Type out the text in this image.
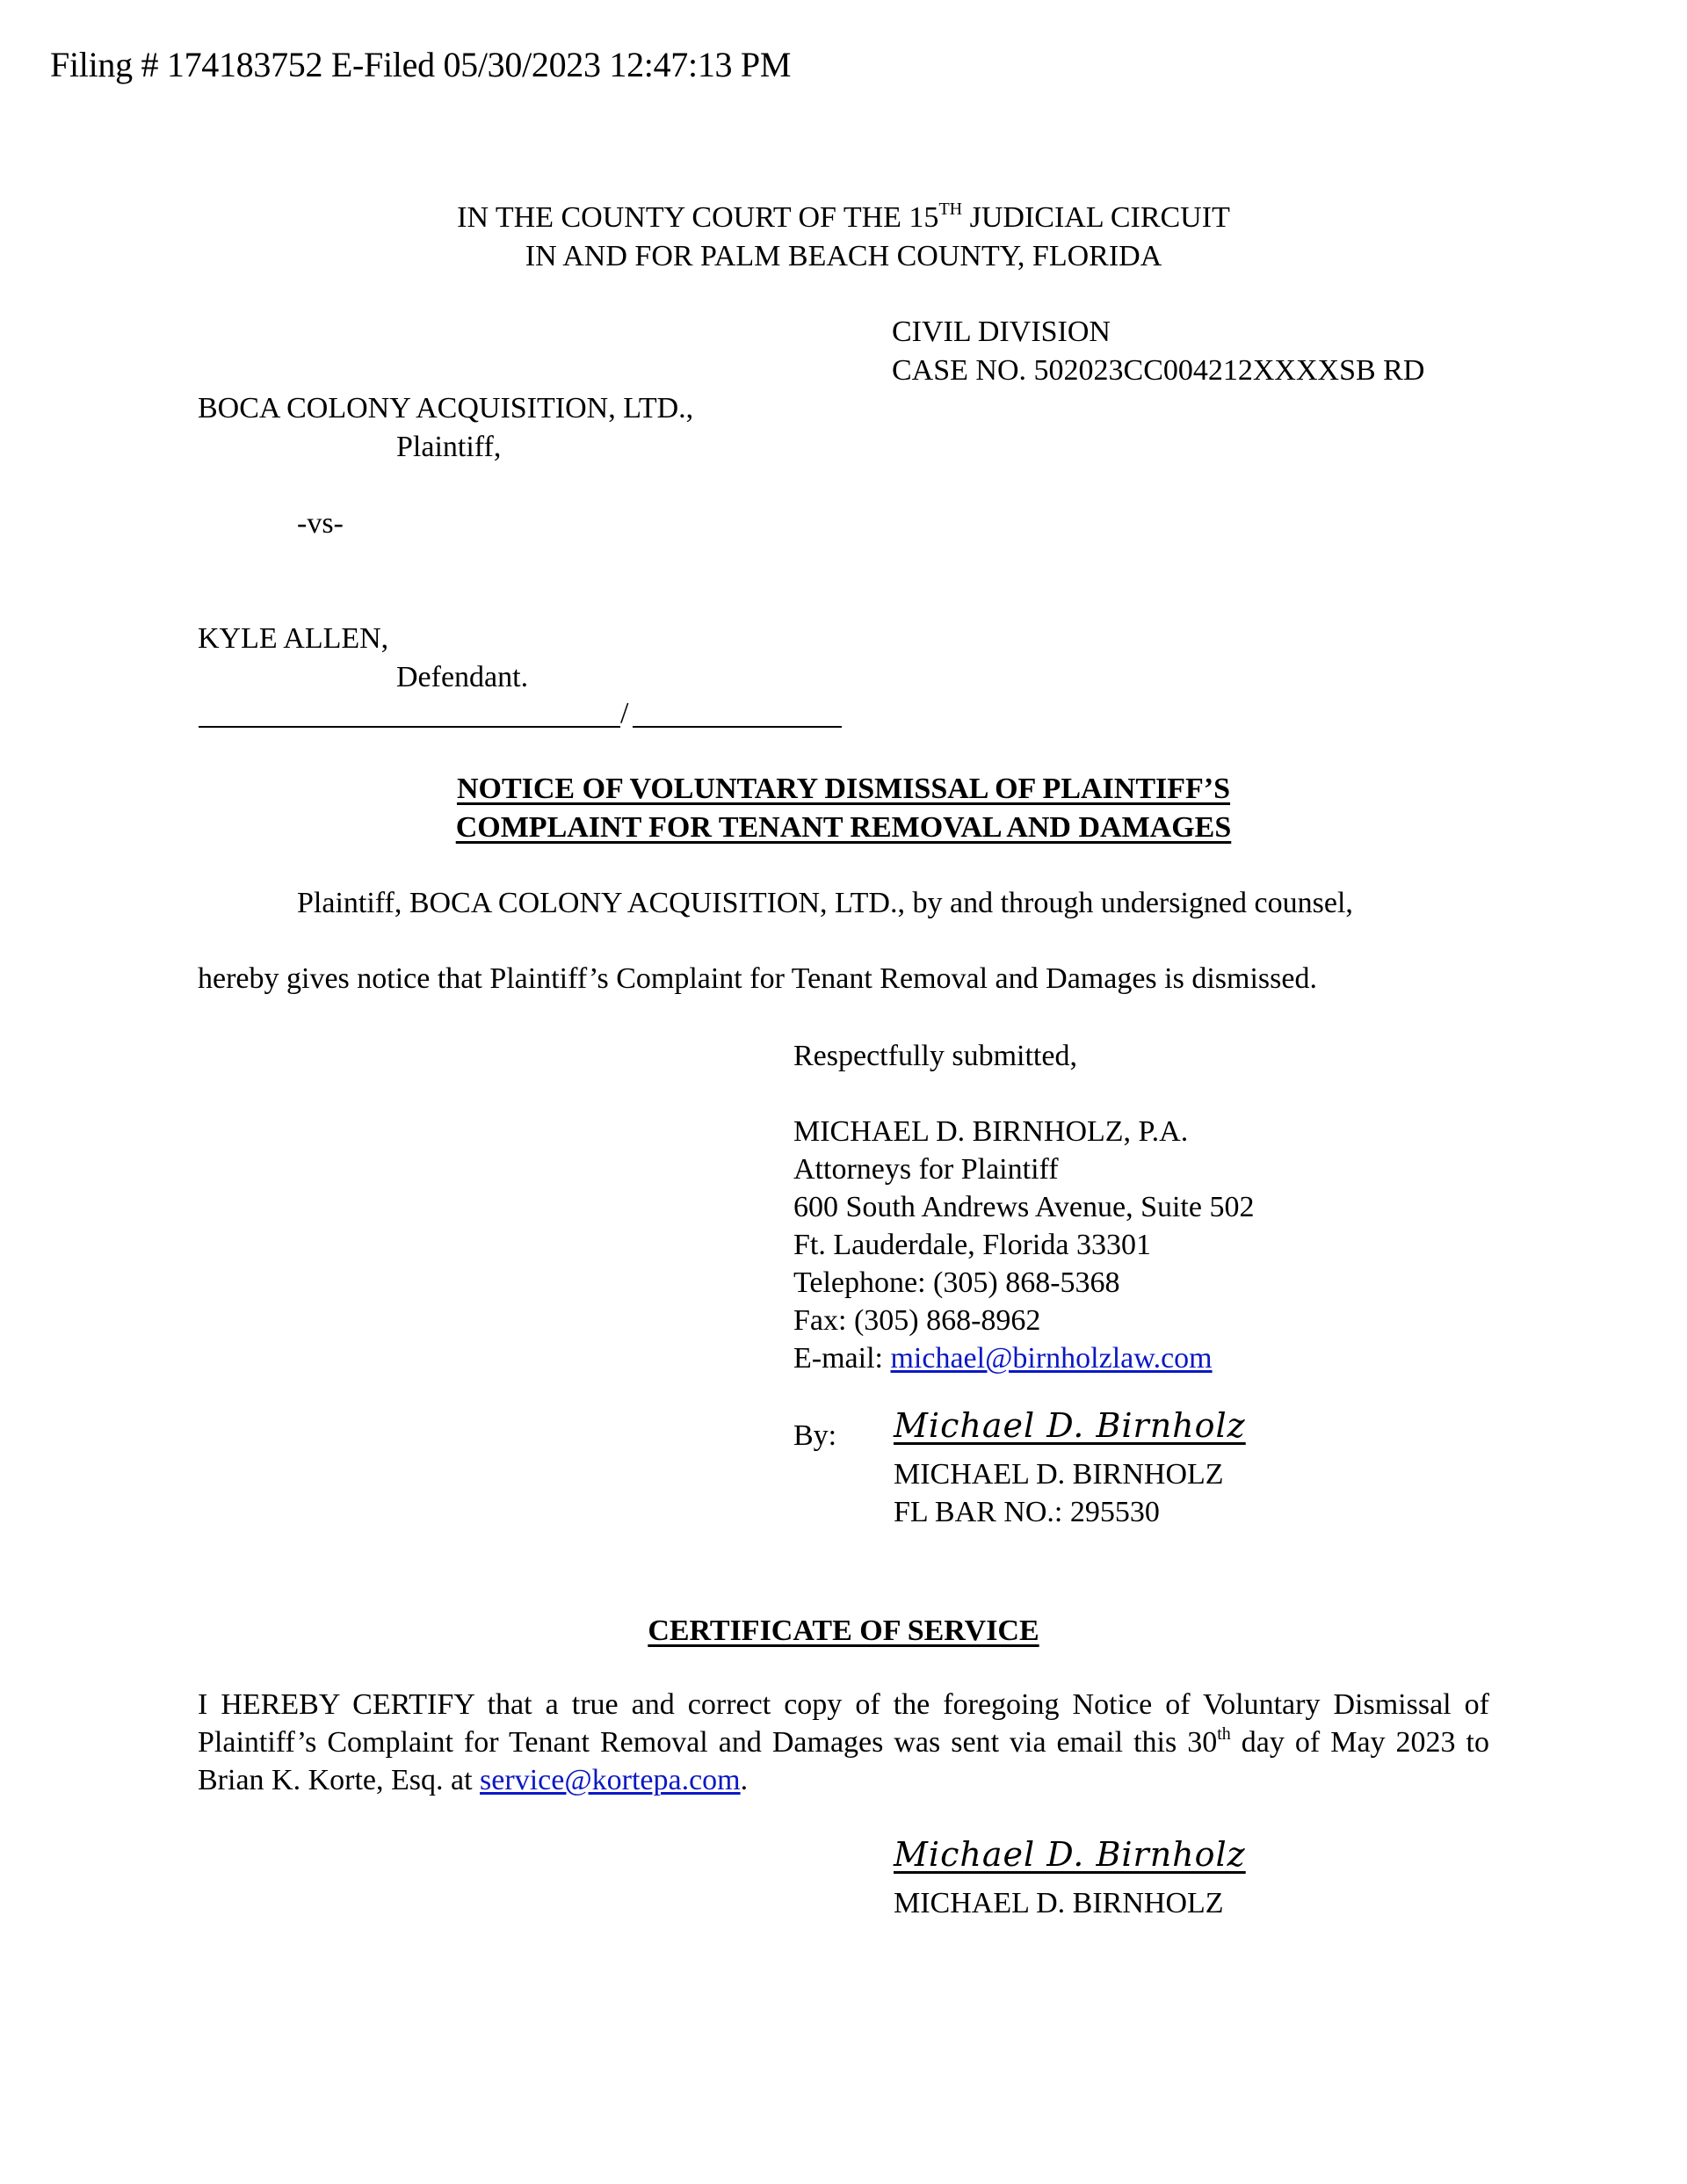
Filing # 174183752 E-Filed 05/30/2023 12:47:13 PM
IN THE COUNTY COURT OF THE 15TH JUDICIAL CIRCUIT
IN AND FOR PALM BEACH COUNTY, FLORIDA
CIVIL DIVISION
CASE NO. 502023CC004212XXXXSB RD
BOCA COLONY ACQUISITION, LTD.,
Plaintiff,
-vs-
KYLE ALLEN,
Defendant.
/
NOTICE OF VOLUNTARY DISMISSAL OF PLAINTIFF’S
COMPLAINT FOR TENANT REMOVAL AND DAMAGES
Plaintiff, BOCA COLONY ACQUISITION, LTD., by and through undersigned counsel,
hereby gives notice that Plaintiff’s Complaint for Tenant Removal and Damages is dismissed.
Respectfully submitted,
MICHAEL D. BIRNHOLZ, P.A.
Attorneys for Plaintiff
600 South Andrews Avenue, Suite 502
Ft. Lauderdale, Florida 33301
Telephone: (305) 868-5368
Fax: (305) 868-8962
E-mail: michael@birnholzlaw.com
By: Michael D. Birnholz
MICHAEL D. BIRNHOLZ
FL BAR NO.: 295530
CERTIFICATE OF SERVICE
I HEREBY CERTIFY that a true and correct copy of the foregoing Notice of Voluntary Dismissal of Plaintiff’s Complaint for Tenant Removal and Damages was sent via email this 30th day of May 2023 to Brian K. Korte, Esq. at service@kortepa.com.
Michael D. Birnholz
MICHAEL D. BIRNHOLZ
